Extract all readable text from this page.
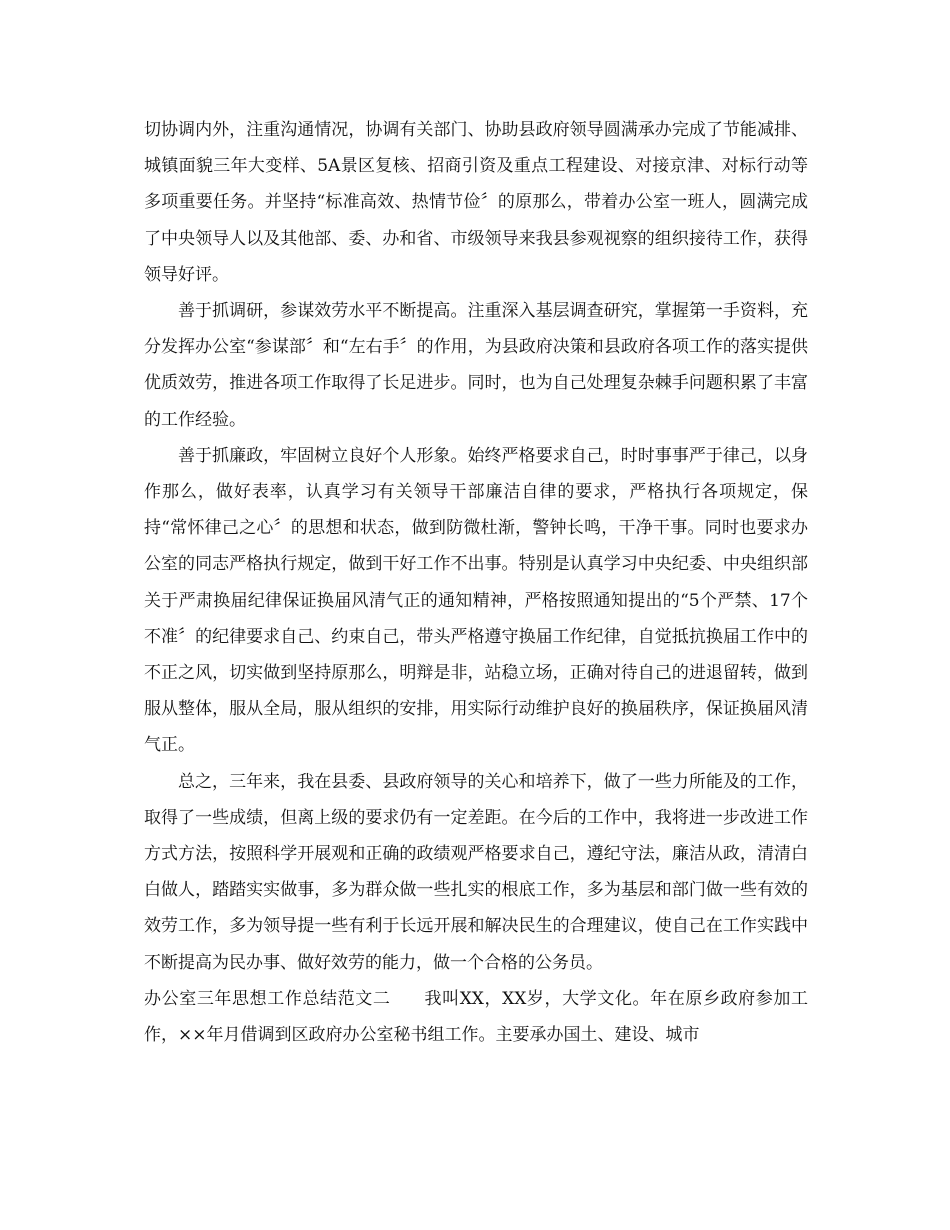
切协调内外，注重沟通情况，协调有关部门、协助县政府领导圆满承办完成了节能减排、城镇面貌三年大变样、5A景区复核、招商引资及重点工程建设、对接京津、对标行动等多项重要任务。并坚持“标准高效、热情节俭〞的原那么，带着办公室一班人，圆满完成了中央领导人以及其他部、委、办和省、市级领导来我县参观视察的组织接待工作，获得领导好评。

善于抓调研，参谋效劳水平不断提高。注重深入基层调查研究，掌握第一手资料，充分发挥办公室“参谋部〞和“左右手〞的作用，为县政府决策和县政府各项工作的落实提供优质效劳，推进各项工作取得了长足进步。同时，也为自己处理复杂棘手问题积累了丰富的工作经验。

善于抓廉政，牢固树立良好个人形象。始终严格要求自己，时时事事严于律己，以身作那么，做好表率，认真学习有关领导干部廉洁自律的要求，严格执行各项规定，保持“常怀律己之心〞的思想和状态，做到防微杜渐，警钟长鸣，干净干事。同时也要求办公室的同志严格执行规定，做到干好工作不出事。特别是认真学习中央纪委、中央组织部关于严肃换届纪律保证换届风清气正的通知精神，严格按照通知提出的“5个严禁、17个不准〞的纪律要求自己、约束自己，带头严格遵守换届工作纪律，自觉抵抗换届工作中的不正之风，切实做到坚持原那么，明辩是非，站稳立场，正确对待自己的进退留转，做到服从整体，服从全局，服从组织的安排，用实际行动维护良好的换届秩序，保证换届风清气正。

总之，三年来，我在县委、县政府领导的关心和培养下，做了一些力所能及的工作，取得了一些成绩，但离上级的要求仍有一定差距。在今后的工作中，我将进一步改进工作方式方法，按照科学开展观和正确的政绩观严格要求自己，遵纪守法，廉洁从政，清清白白做人，踏踏实实做事，多为群众做一些扎实的根底工作，多为基层和部门做一些有效的效劳工作，多为领导提一些有利于长远开展和解决民生的合理建议，使自己在工作实践中不断提高为民办事、做好效劳的能力，做一个合格的公务员。

办公室三年思想工作总结范文二 我叫XX，XX岁，大学文化。年在原乡政府参加工作，××年月借调到区政府办公室秘书组工作。主要承办国土、建设、城市
